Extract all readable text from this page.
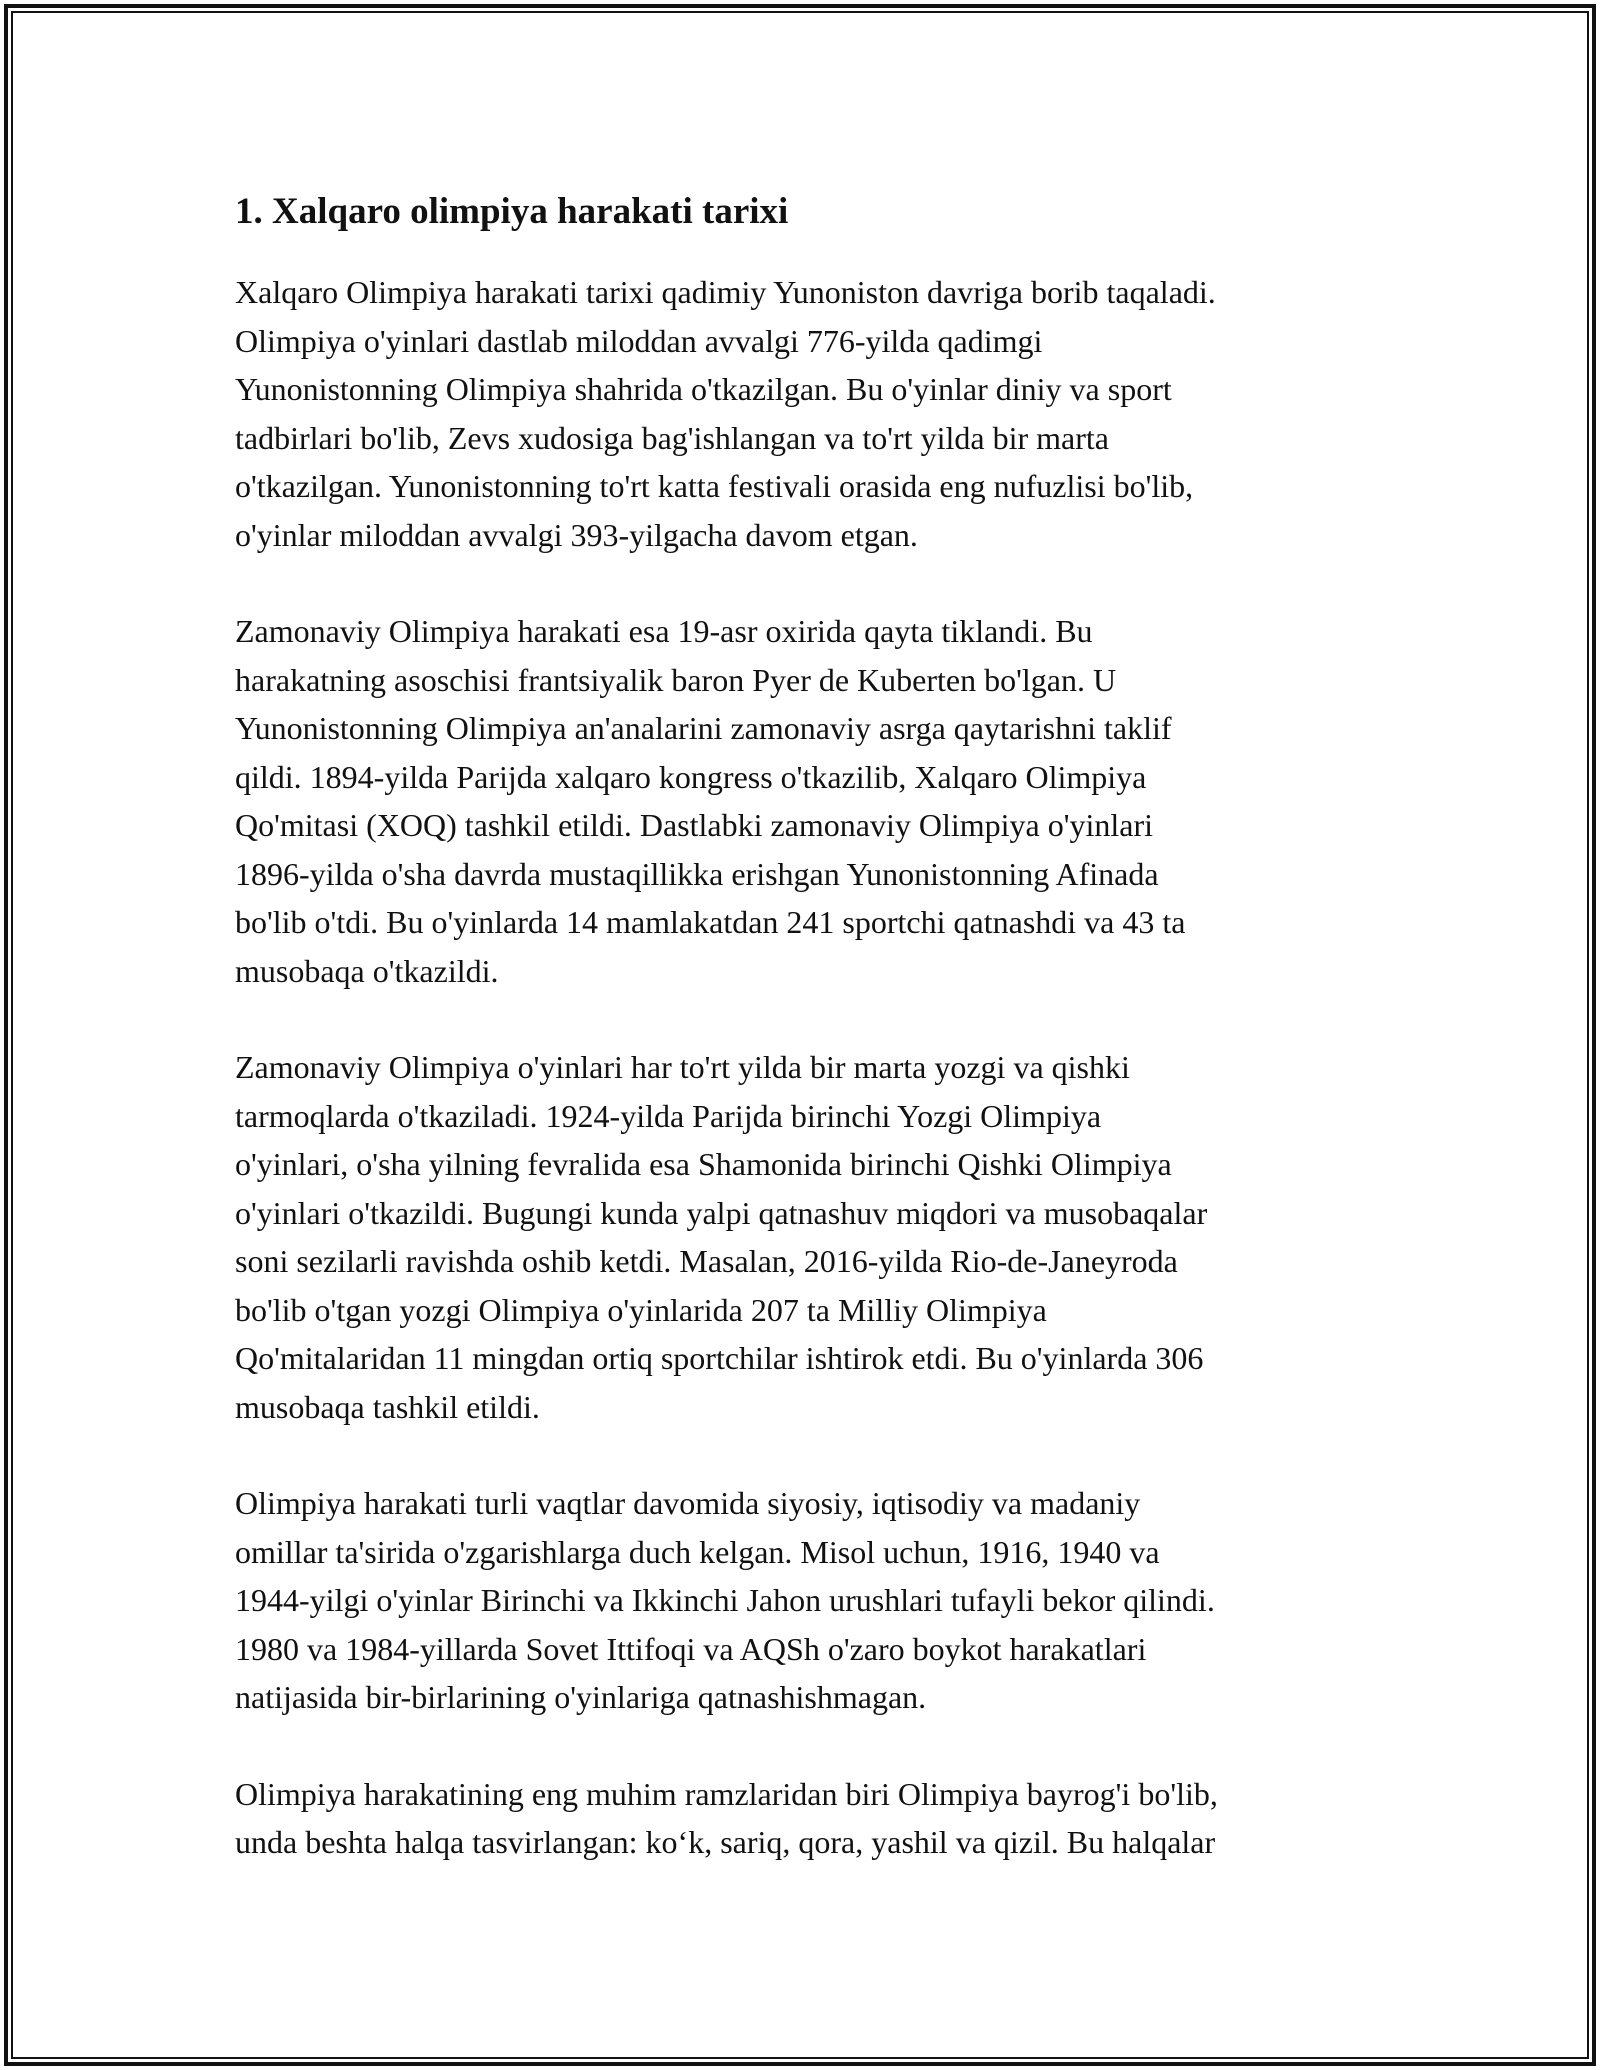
1. Xalqaro olimpiya harakati tarixi

Xalqaro Olimpiya harakati tarixi qadimiy Yunoniston davriga borib taqaladi.
Olimpiya o'yinlari dastlab miloddan avvalgi 776-yilda qadimgi
Yunonistonning Olimpiya shahrida o'tkazilgan. Bu o'yinlar diniy va sport
tadbirlari bo'lib, Zevs xudosiga bag'ishlangan va to'rt yilda bir marta
o'tkazilgan. Yunonistonning to'rt katta festivali orasida eng nufuzlisi bo'lib,
o'yinlar miloddan avvalgi 393-yilgacha davom etgan.

Zamonaviy Olimpiya harakati esa 19-asr oxirida qayta tiklandi. Bu
harakatning asoschisi frantsiyalik baron Pyer de Kuberten bo'lgan. U
Yunonistonning Olimpiya an'analarini zamonaviy asrga qaytarishni taklif
qildi. 1894-yilda Parijda xalqaro kongress o'tkazilib, Xalqaro Olimpiya
Qo'mitasi (XOQ) tashkil etildi. Dastlabki zamonaviy Olimpiya o'yinlari
1896-yilda o'sha davrda mustaqillikka erishgan Yunonistonning Afinada
bo'lib o'tdi. Bu o'yinlarda 14 mamlakatdan 241 sportchi qatnashdi va 43 ta
musobaqa o'tkazildi.

Zamonaviy Olimpiya o'yinlari har to'rt yilda bir marta yozgi va qishki
tarmoqlarda o'tkaziladi. 1924-yilda Parijda birinchi Yozgi Olimpiya
o'yinlari, o'sha yilning fevralida esa Shamonida birinchi Qishki Olimpiya
o'yinlari o'tkazildi. Bugungi kunda yalpi qatnashuv miqdori va musobaqalar
soni sezilarli ravishda oshib ketdi. Masalan, 2016-yilda Rio-de-Janeyroda
bo'lib o'tgan yozgi Olimpiya o'yinlarida 207 ta Milliy Olimpiya
Qo'mitalaridan 11 mingdan ortiq sportchilar ishtirok etdi. Bu o'yinlarda 306
musobaqa tashkil etildi.

Olimpiya harakati turli vaqtlar davomida siyosiy, iqtisodiy va madaniy
omillar ta'sirida o'zgarishlarga duch kelgan. Misol uchun, 1916, 1940 va
1944-yilgi o'yinlar Birinchi va Ikkinchi Jahon urushlari tufayli bekor qilindi.
1980 va 1984-yillarda Sovet Ittifoqi va AQSh o'zaro boykot harakatlari
natijasida bir-birlarining o'yinlariga qatnashishmagan.

Olimpiya harakatining eng muhim ramzlaridan biri Olimpiya bayrog'i bo'lib,
unda beshta halqa tasvirlangan: ko‘k, sariq, qora, yashil va qizil. Bu halqalar
